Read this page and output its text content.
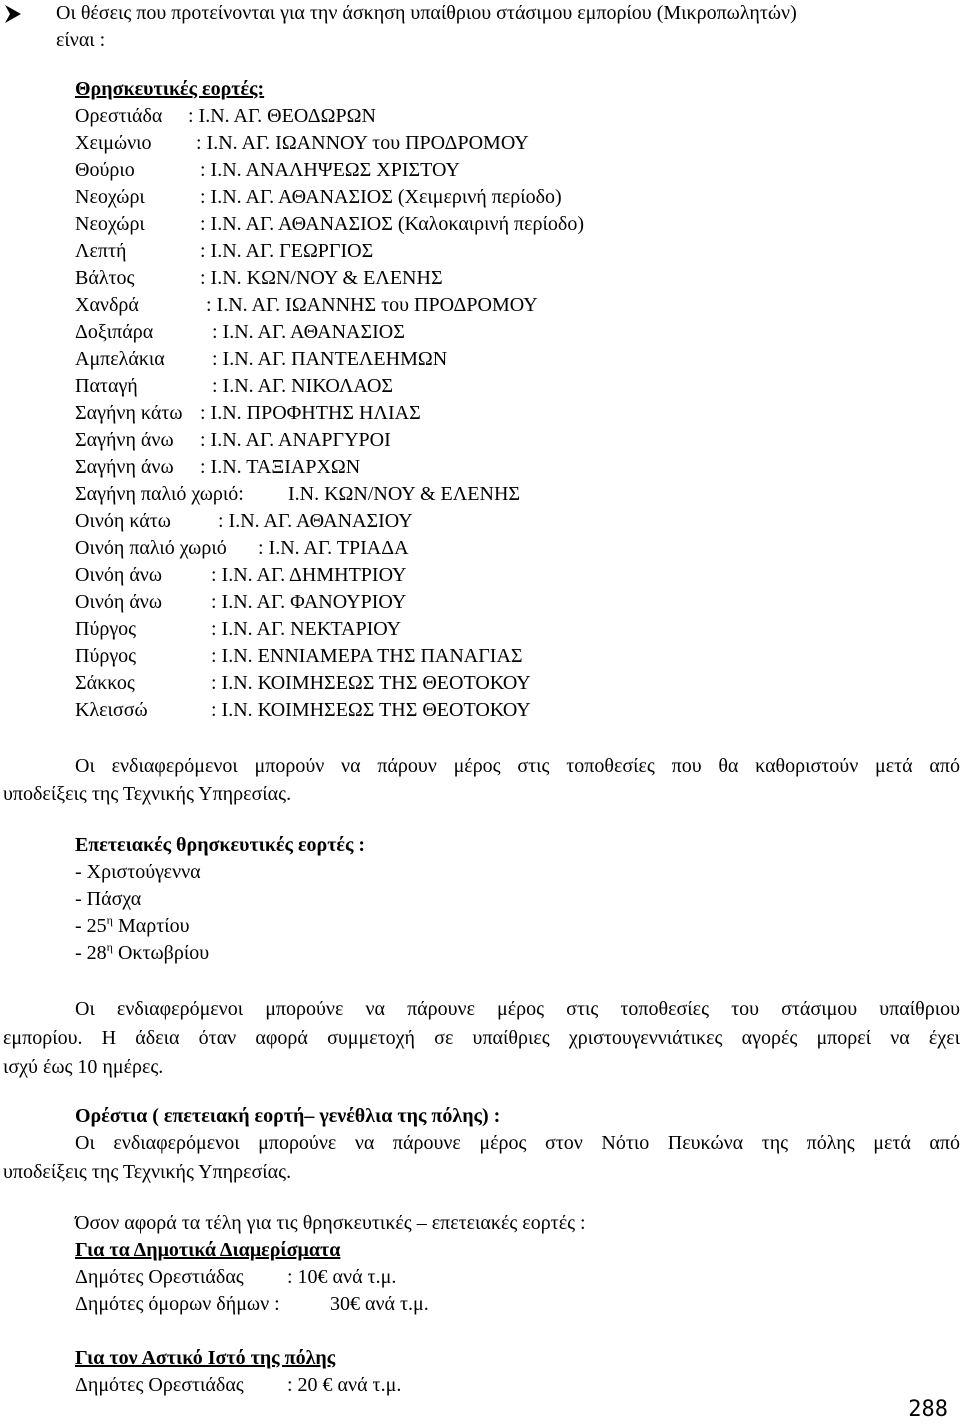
Οι θέσεις που προτείνονται για την άσκηση υπαίθριου στάσιμου εμπορίου (Μικροπωλητών)
είναι :
Θρησκευτικές εορτές:
Ορεστιάδα : Ι.Ν. ΑΓ. ΘΕΟΔΩΡΩΝ
Χειμώνιο : Ι.Ν. ΑΓ. ΙΩΑΝΝΟΥ του ΠΡΟΔΡΟΜΟΥ
Θούριο	: Ι.Ν. ΑΝΑΛΗΨΕΩΣ ΧΡΙΣΤΟΥ
Νεοχώρι	: Ι.Ν. ΑΓ. ΑΘΑΝΑΣΙΟΣ (Χειμερινή περίοδο)
Νεοχώρι	: Ι.Ν. ΑΓ. ΑΘΑΝΑΣΙΟΣ (Καλοκαιρινή περίοδο)
Λεπτή	: Ι.Ν. ΑΓ. ΓΕΩΡΓΙΟΣ
Βάλτος	: Ι.Ν. ΚΩΝ/ΝΟΥ & ΕΛΕΝΗΣ
Χανδρά	: Ι.Ν. ΑΓ. ΙΩΑΝΝΗΣ του ΠΡΟΔΡΟΜΟΥ
Δοξιπάρα	: Ι.Ν. ΑΓ. ΑΘΑΝΑΣΙΟΣ
Αμπελάκια : Ι.Ν. ΑΓ. ΠΑΝΤΕΛΕΗΜΩΝ
Παταγή	: Ι.Ν. ΑΓ. ΝΙΚΟΛΑΟΣ
Σαγήνη κάτω : Ι.Ν. ΠΡΟΦΗΤΗΣ ΗΛΙΑΣ
Σαγήνη άνω : Ι.Ν. ΑΓ. ΑΝΑΡΓΥΡΟΙ
Σαγήνη άνω : Ι.Ν. ΤΑΞΙΑΡΧΩΝ
Σαγήνη παλιό χωριό: Ι.Ν. ΚΩΝ/ΝΟΥ & ΕΛΕΝΗΣ
Οινόη κάτω : Ι.Ν. ΑΓ. ΑΘΑΝΑΣΙΟΥ
Οινόη παλιό χωριό : Ι.Ν. ΑΓ. ΤΡΙΑΔΑ
Οινόη άνω : Ι.Ν. ΑΓ. ΔΗΜΗΤΡΙΟΥ
Οινόη άνω : Ι.Ν. ΑΓ. ΦΑΝΟΥΡΙΟΥ
Πύργος	: Ι.Ν. ΑΓ. ΝΕΚΤΑΡΙΟΥ
Πύργος	: Ι.Ν. ΕΝΝΙΑΜΕΡΑ ΤΗΣ ΠΑΝΑΓΙΑΣ
Σάκκος	: Ι.Ν. ΚΟΙΜΗΣΕΩΣ ΤΗΣ ΘΕΟΤΟΚΟΥ
Κλεισσώ	: Ι.Ν. ΚΟΙΜΗΣΕΩΣ ΤΗΣ ΘΕΟΤΟΚΟΥ
Οι ενδιαφερόμενοι μπορούν να πάρουν μέρος στις τοποθεσίες που θα καθοριστούν μετά από
υποδείξεις της Τεχνικής Υπηρεσίας.
Επετειακές θρησκευτικές εορτές :
- Χριστούγεννα
- Πάσχα
- $25^\eta$ Μαρτίου
- $28^\eta$ Οκτωβρίου
Οι ενδιαφερόμενοι μπορούνε να πάρουνε μέρος στις τοποθεσίες του στάσιμου υπαίθριου
εμπορίου. Η άδεια όταν αφορά συμμετοχή σε υπαίθριες χριστουγεννιάτικες αγορές μπορεί να έχει
ισχύ έως 10 ημέρες.
Ορέστια ( επετειακή εορτή– γενέθλια της πόλης) :
Οι ενδιαφερόμενοι μπορούνε να πάρουνε μέρος στον Νότιο Πευκώνα της πόλης μετά από
υποδείξεις της Τεχνικής Υπηρεσίας.
Όσον αφορά τα τέλη για τις θρησκευτικές – επετειακές εορτές :
Για τα Δημοτικά Διαμερίσματα
Δημότες Ορεστιάδας : 10€ ανά τ.μ.
Δημότες όμορων δήμων :	30€ ανά τ.μ.
Για τον Αστικό Ιστό της πόλης
Δημότες Ορεστιάδας : 20 € ανά τ.μ.
288
